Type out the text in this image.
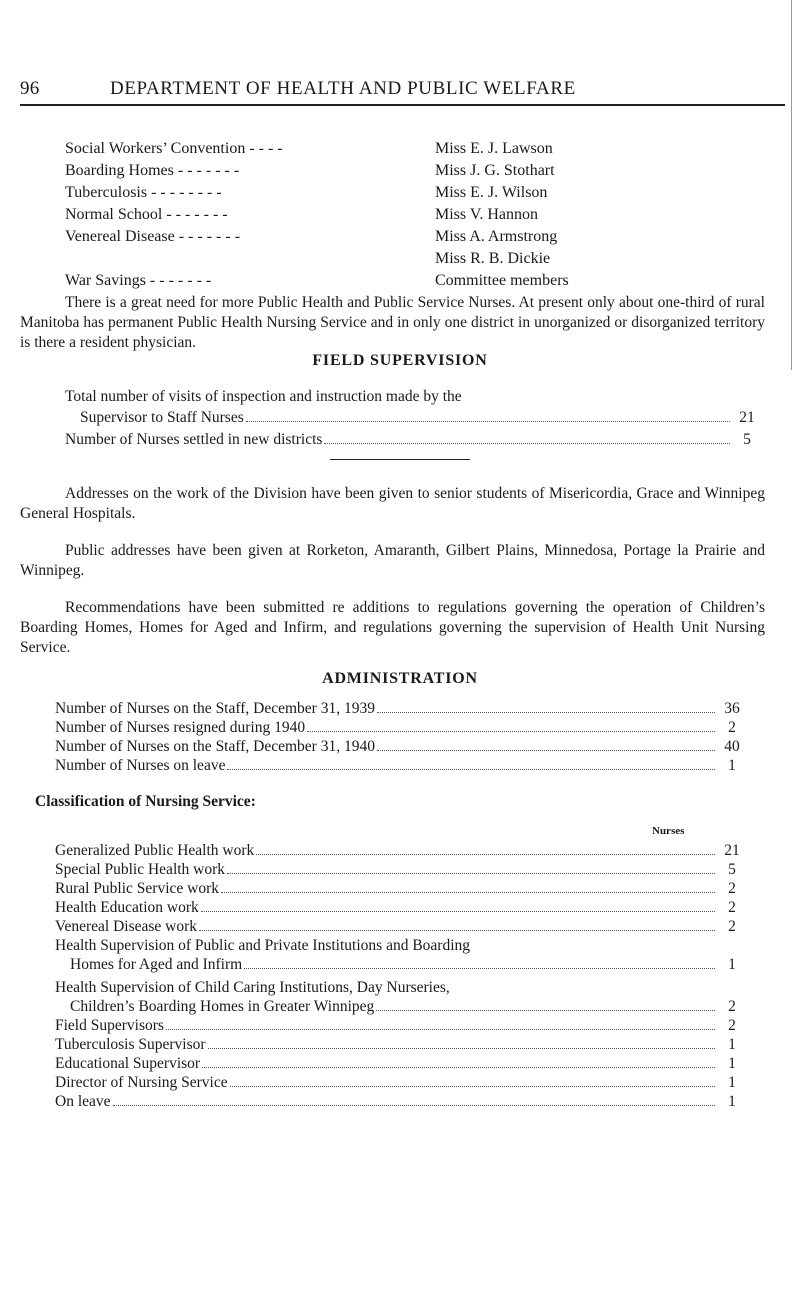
96	DEPARTMENT OF HEALTH AND PUBLIC WELFARE
Social Workers’ Convention - - - -	Miss E. J. Lawson
Boarding Homes - - - - - - -	Miss J. G. Stothart
Tuberculosis - - - - - - - -	Miss E. J. Wilson
Normal School - - - - - - -	Miss V. Hannon
Venereal Disease - - - - - - -	Miss A. Armstrong
Miss R. B. Dickie
War Savings - - - - - - -	Committee members

There is a great need for more Public Health and Public Service Nurses. At present only about one-third of rural Manitoba has permanent Public Health Nursing Service and in only one district in unorganized or disorganized territory is there a resident physician.

FIELD SUPERVISION
Total number of visits of inspection and instruction made by the
Supervisor to Staff Nurses	21
Number of Nurses settled in new districts	5

Addresses on the work of the Division have been given to senior students of Misericordia, Grace and Winnipeg General Hospitals.

Public addresses have been given at Rorketon, Amaranth, Gilbert Plains, Minnedosa, Portage la Prairie and Winnipeg.

Recommendations have been submitted re additions to regulations governing the operation of Children’s Boarding Homes, Homes for Aged and Infirm, and regulations governing the supervision of Health Unit Nursing Service.

ADMINISTRATION
Number of Nurses on the Staff, December 31, 1939	36
Number of Nurses resigned during 1940	2
Number of Nurses on the Staff, December 31, 1940	40
Number of Nurses on leave	1
Classification of Nursing Service:
Nurses
Generalized Public Health work	21
Special Public Health work	5
Rural Public Service work	2
Health Education work	2
Venereal Disease work	2
Health Supervision of Public and Private Institutions and Boarding
Homes for Aged and Infirm	1
Health Supervision of Child Caring Institutions, Day Nurseries,
Children’s Boarding Homes in Greater Winnipeg	2
Field Supervisors	2
Tuberculosis Supervisor	1
Educational Supervisor	1
Director of Nursing Service	1
On leave	1
